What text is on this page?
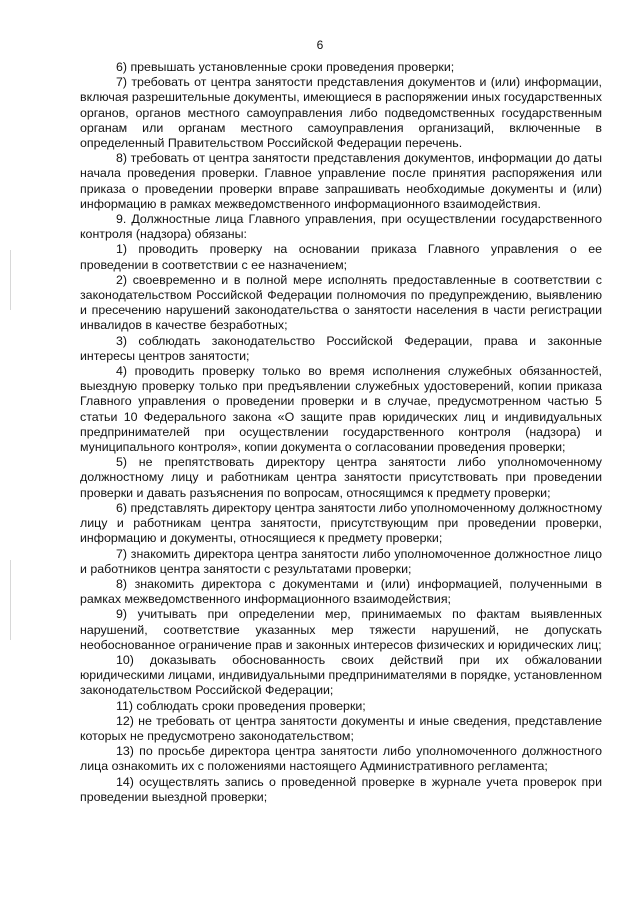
6

6) превышать установленные сроки проведения проверки;

7) требовать от центра занятости представления документов и (или) информации, включая разрешительные документы, имеющиеся в распоряжении иных государственных органов, органов местного самоуправления либо подведомственных государственным органам или органам местного самоуправления организаций, включенные в определенный Правительством Российской Федерации перечень.

8) требовать от центра занятости представления документов, информации до даты начала проведения проверки. Главное управление после принятия распоряжения или приказа о проведении проверки вправе запрашивать необходимые документы и (или) информацию в рамках межведомственного информационного взаимодействия.

9. Должностные лица Главного управления, при осуществлении государственного контроля (надзора) обязаны:

1) проводить проверку на основании приказа Главного управления о ее проведении в соответствии с ее назначением;

2) своевременно и в полной мере исполнять предоставленные в соответствии с законодательством Российской Федерации полномочия по предупреждению, выявлению и пресечению нарушений законодательства о занятости населения в части регистрации инвалидов в качестве безработных;

3) соблюдать законодательство Российской Федерации, права и законные интересы центров занятости;

4) проводить проверку только во время исполнения служебных обязанностей, выездную проверку только при предъявлении служебных удостоверений, копии приказа Главного управления о проведении проверки и в случае, предусмотренном частью 5 статьи 10 Федерального закона «О защите прав юридических лиц и индивидуальных предпринимателей при осуществлении государственного контроля (надзора) и муниципального контроля», копии документа о согласовании проведения проверки;

5) не препятствовать директору центра занятости либо уполномоченному должностному лицу и работникам центра занятости присутствовать при проведении проверки и давать разъяснения по вопросам, относящимся к предмету проверки;

6) представлять директору центра занятости либо уполномоченному должностному лицу и работникам центра занятости, присутствующим при проведении проверки, информацию и документы, относящиеся к предмету проверки;

7) знакомить директора центра занятости либо уполномоченное должностное лицо и работников центра занятости с результатами проверки;

8) знакомить директора с документами и (или) информацией, полученными в рамках межведомственного информационного взаимодействия;

9) учитывать при определении мер, принимаемых по фактам выявленных нарушений, соответствие указанных мер тяжести нарушений, не допускать необоснованное ограничение прав и законных интересов физических и юридических лиц;

10) доказывать обоснованность своих действий при их обжаловании юридическими лицами, индивидуальными предпринимателями в порядке, установленном законодательством Российской Федерации;

11) соблюдать сроки проведения проверки;

12) не требовать от центра занятости документы и иные сведения, представление которых не предусмотрено законодательством;

13) по просьбе директора центра занятости либо уполномоченного должностного лица ознакомить их с положениями настоящего Административного регламента;

14) осуществлять запись о проведенной проверке в журнале учета проверок при проведении выездной проверки;
